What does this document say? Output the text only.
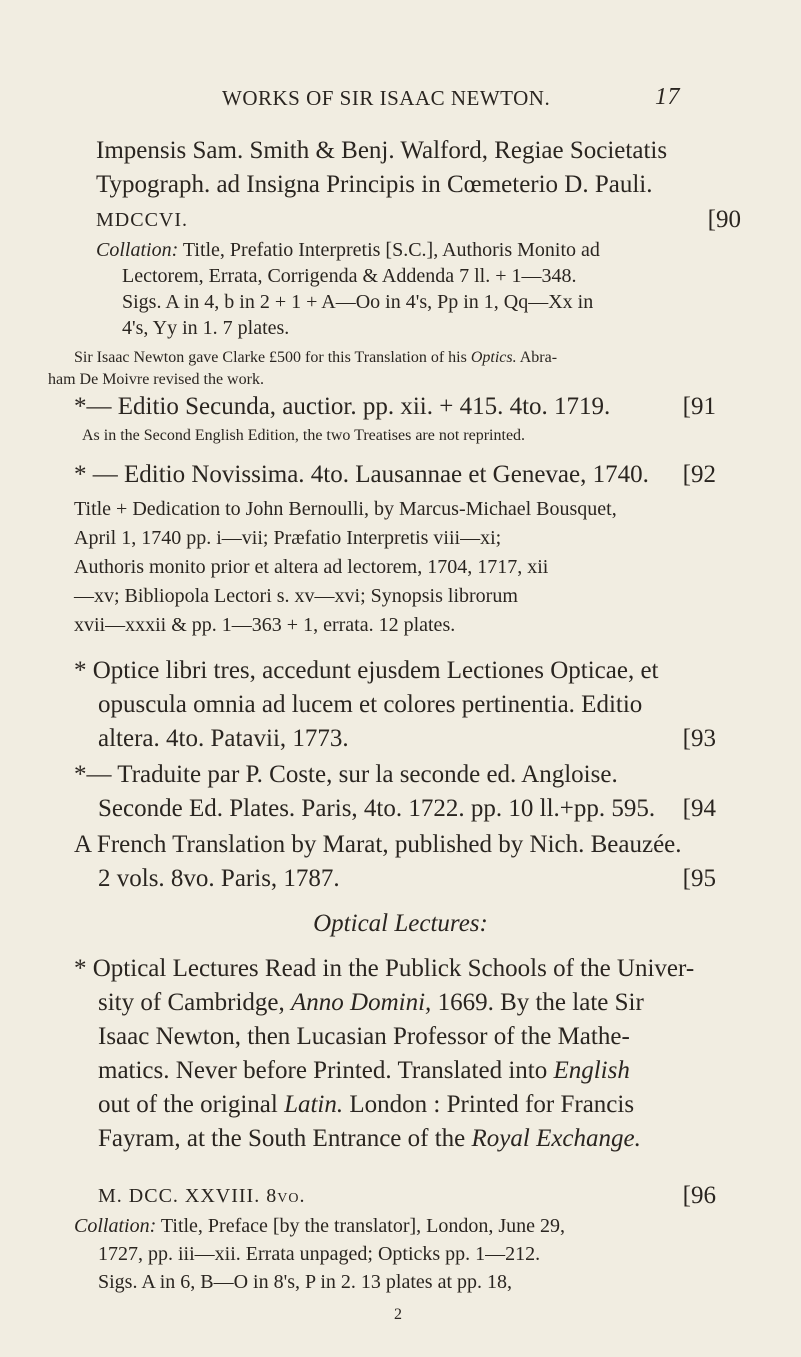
WORKS OF SIR ISAAC NEWTON.	17
Impensis Sam. Smith & Benj. Walford, Regiae Societatis
Typograph. ad Insigna Principis in Cœmeterio D. Pauli.
MDCCVI.	[90
Collation: Title, Prefatio Interpretis [S.C.], Authoris Monito ad
Lectorem, Errata, Corrigenda & Addenda 7 ll. + 1—348.
Sigs. A in 4, b in 2 + 1 + A—Oo in 4's, Pp in 1, Qq—Xx in
4's, Yy in 1. 7 plates.
Sir Isaac Newton gave Clarke £500 for this Translation of his Optics. Abra-
ham De Moivre revised the work.
*— Editio Secunda, auctior. pp. xii. + 415. 4to. 1719.	[91
As in the Second English Edition, the two Treatises are not reprinted.
* — Editio Novissima. 4to. Lausannae et Genevae, 1740. [92
Title + Dedication to John Bernoulli, by Marcus-Michael Bousquet,
April 1, 1740 pp. i—vii; Præfatio Interpretis viii—xi;
Authoris monito prior et altera ad lectorem, 1704, 1717, xii
—xv; Bibliopola Lectori s. xv—xvi; Synopsis librorum
xvii—xxxii & pp. 1—363 + 1, errata. 12 plates.
* Optice libri tres, accedunt ejusdem Lectiones Opticae, et
opuscula omnia ad lucem et colores pertinentia. Editio
altera. 4to. Patavii, 1773.	[93
*— Traduite par P. Coste, sur la seconde ed. Angloise.
Seconde Ed. Plates. Paris, 4to. 1722. pp. 10 ll.+pp. 595. [94
A French Translation by Marat, published by Nich. Beauzée.
2 vols. 8vo. Paris, 1787.	[95
Optical Lectures:
* Optical Lectures Read in the Publick Schools of the Univer-
sity of Cambridge, Anno Domini, 1669. By the late Sir
Isaac Newton, then Lucasian Professor of the Mathe-
matics. Never before Printed. Translated into English
out of the original Latin. London : Printed for Francis
Fayram, at the South Entrance of the Royal Exchange.
M. DCC. XXVIII. 8vo.	[96
Collation: Title, Preface [by the translator], London, June 29,
1727, pp. iii—xii. Errata unpaged; Opticks pp. 1—212.
Sigs. A in 6, B—O in 8's, P in 2. 13 plates at pp. 18,
2
